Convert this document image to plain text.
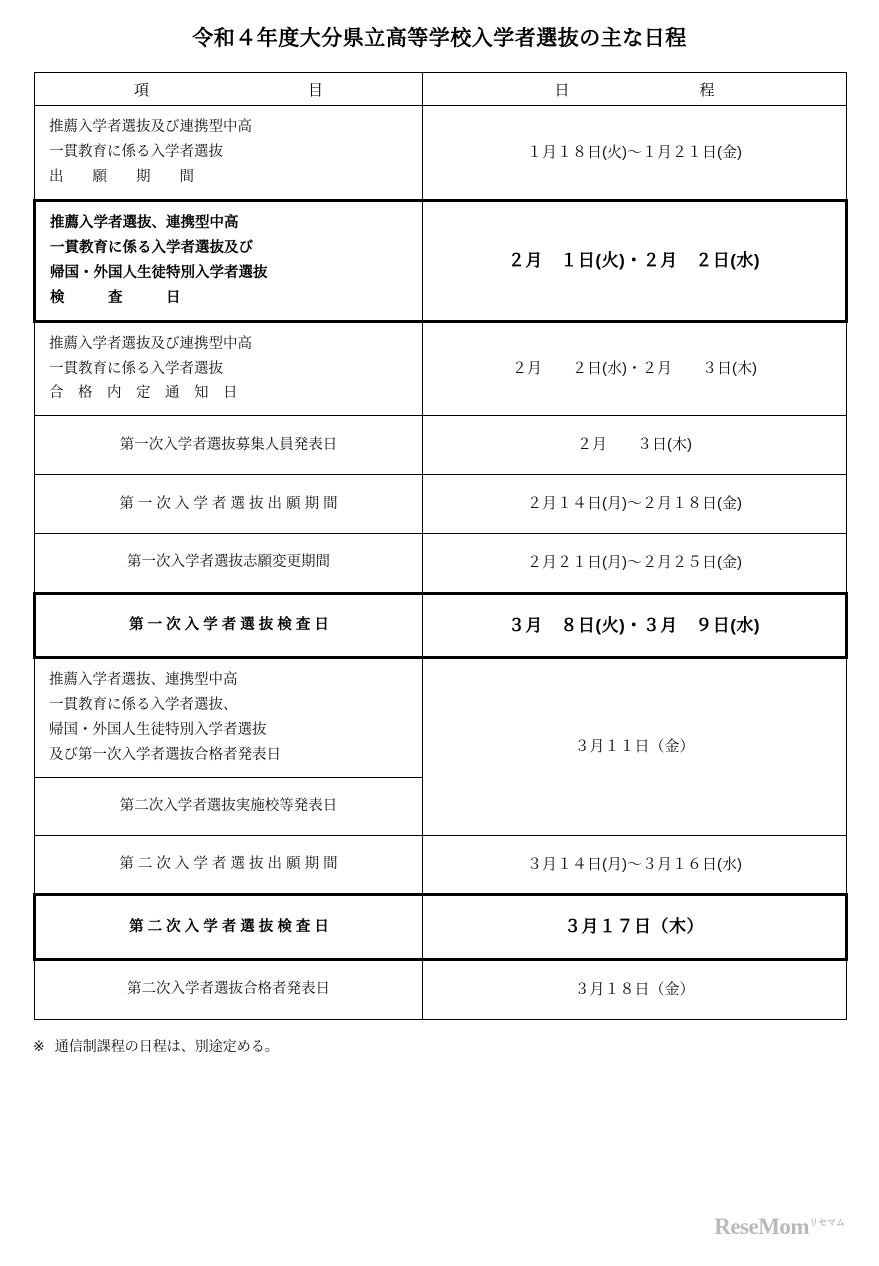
令和４年度大分県立高等学校入学者選抜の主な日程
項　　　　　目	日　　　　程

推薦入学者選抜及び連携型中高
一貫教育に係る入学者選抜
出　　願　　期　　間	１月１８日(火)〜１月２１日(金)

推薦入学者選抜、連携型中高
一貫教育に係る入学者選抜及び
帰国・外国人生徒特別入学者選抜
検　　　査　　　日	２月　１日(火)・２月　２日(水)

推薦入学者選抜及び連携型中高
一貫教育に係る入学者選抜
合　格　内　定　通　知　日	２月　　２日(水)・２月　　３日(木)

第一次入学者選抜募集人員発表日	２月　　３日(木)

第 一 次 入 学 者 選 抜 出 願 期 間	２月１４日(月)〜２月１８日(金)

第一次入学者選抜志願変更期間	２月２１日(月)〜２月２５日(金)

第 一 次 入 学 者 選 抜 検 査 日	３月　８日(火)・３月　９日(水)

推薦入学者選抜、連携型中高
一貫教育に係る入学者選抜、
帰国・外国人生徒特別入学者選抜
及び第一次入学者選抜合格者発表日	３月１１日（金）

第二次入学者選抜実施校等発表日	

第 二 次 入 学 者 選 抜 出 願 期 間	３月１４日(月)〜３月１６日(水)

第 二 次 入 学 者 選 抜 検 査 日	３月１７日（木）

第二次入学者選抜合格者発表日	３月１８日（金）
※ 通信制課程の日程は、別途定める。
ReseMom$^{リセマム}$
